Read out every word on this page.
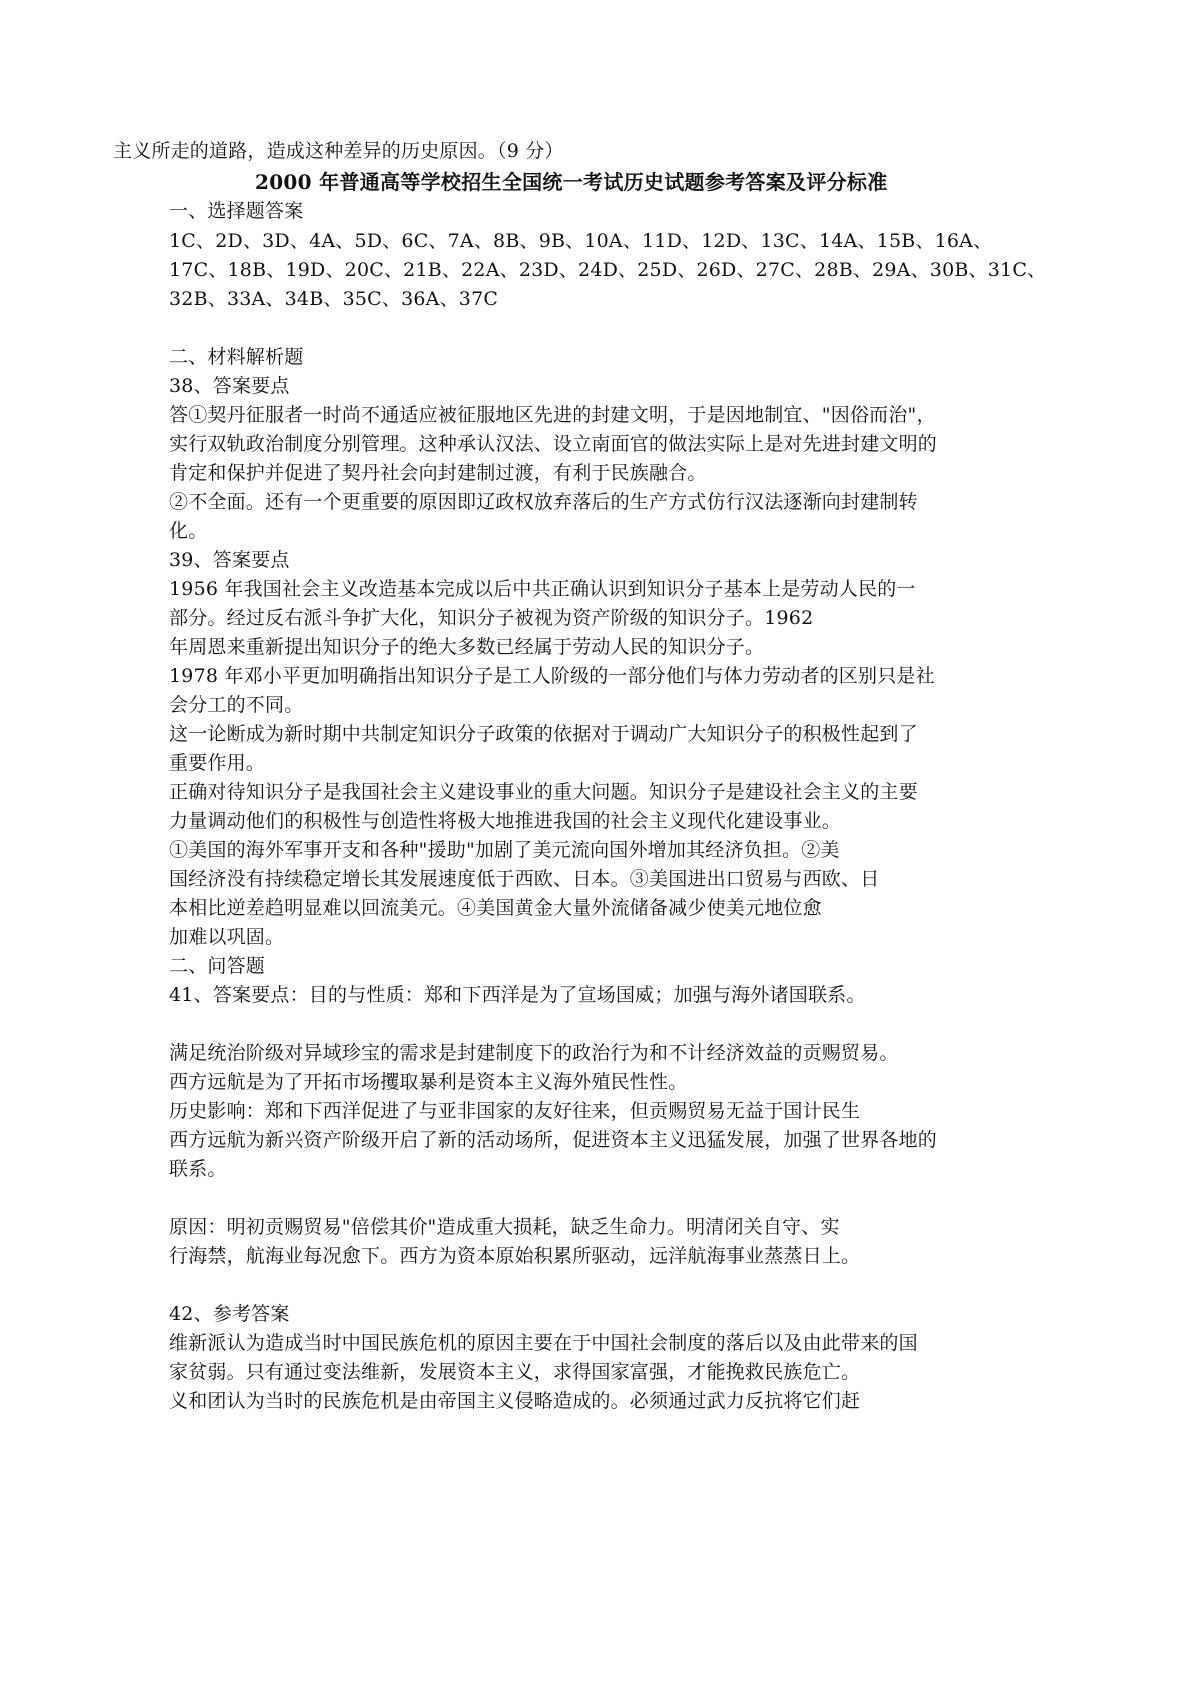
主义所走的道路，造成这种差异的历史原因。（9 分）
2000 年普通高等学校招生全国统一考试历史试题参考答案及评分标准
一、选择题答案
1C、2D、3D、4A、5D、6C、7A、8B、9B、10A、11D、12D、13C、14A、15B、16A、
17C、18B、19D、20C、21B、22A、23D、24D、25D、26D、27C、28B、29A、30B、31C、
32B、33A、34B、35C、36A、37C
二、材料解析题
38、答案要点
答①契丹征服者一时尚不通适应被征服地区先进的封建文明，于是因地制宜、"因俗而治"，
实行双轨政治制度分别管理。这种承认汉法、设立南面官的做法实际上是对先进封建文明的
肯定和保护并促进了契丹社会向封建制过渡，有利于民族融合。
②不全面。还有一个更重要的原因即辽政权放弃落后的生产方式仿行汉法逐渐向封建制转
化。
39、答案要点
1956 年我国社会主义改造基本完成以后中共正确认识到知识分子基本上是劳动人民的一
部分。经过反右派斗争扩大化，知识分子被视为资产阶级的知识分子。1962
年周恩来重新提出知识分子的绝大多数已经属于劳动人民的知识分子。
1978 年邓小平更加明确指出知识分子是工人阶级的一部分他们与体力劳动者的区别只是社
会分工的不同。
这一论断成为新时期中共制定知识分子政策的依据对于调动广大知识分子的积极性起到了
重要作用。
正确对待知识分子是我国社会主义建设事业的重大问题。知识分子是建设社会主义的主要
力量调动他们的积极性与创造性将极大地推进我国的社会主义现代化建设事业。
①美国的海外军事开支和各种"援助"加剧了美元流向国外增加其经济负担。②美
国经济没有持续稳定增长其发展速度低于西欧、日本。③美国进出口贸易与西欧、日
本相比逆差趋明显难以回流美元。④美国黄金大量外流储备减少使美元地位愈
加难以巩固。
二、问答题
41、答案要点：目的与性质：郑和下西洋是为了宣场国威；加强与海外诸国联系。
满足统治阶级对异域珍宝的需求是封建制度下的政治行为和不计经济效益的贡赐贸易。
西方远航是为了开拓市场攫取暴利是资本主义海外殖民性性。
历史影响：郑和下西洋促进了与亚非国家的友好往来，但贡赐贸易无益于国计民生
西方远航为新兴资产阶级开启了新的活动场所，促进资本主义迅猛发展，加强了世界各地的
联系。
原因：明初贡赐贸易"倍偿其价"造成重大损耗，缺乏生命力。明清闭关自守、实
行海禁，航海业每况愈下。西方为资本原始积累所驱动，远洋航海事业蒸蒸日上。
42、参考答案
维新派认为造成当时中国民族危机的原因主要在于中国社会制度的落后以及由此带来的国
家贫弱。只有通过变法维新，发展资本主义，求得国家富强，才能挽救民族危亡。
义和团认为当时的民族危机是由帝国主义侵略造成的。必须通过武力反抗将它们赶
